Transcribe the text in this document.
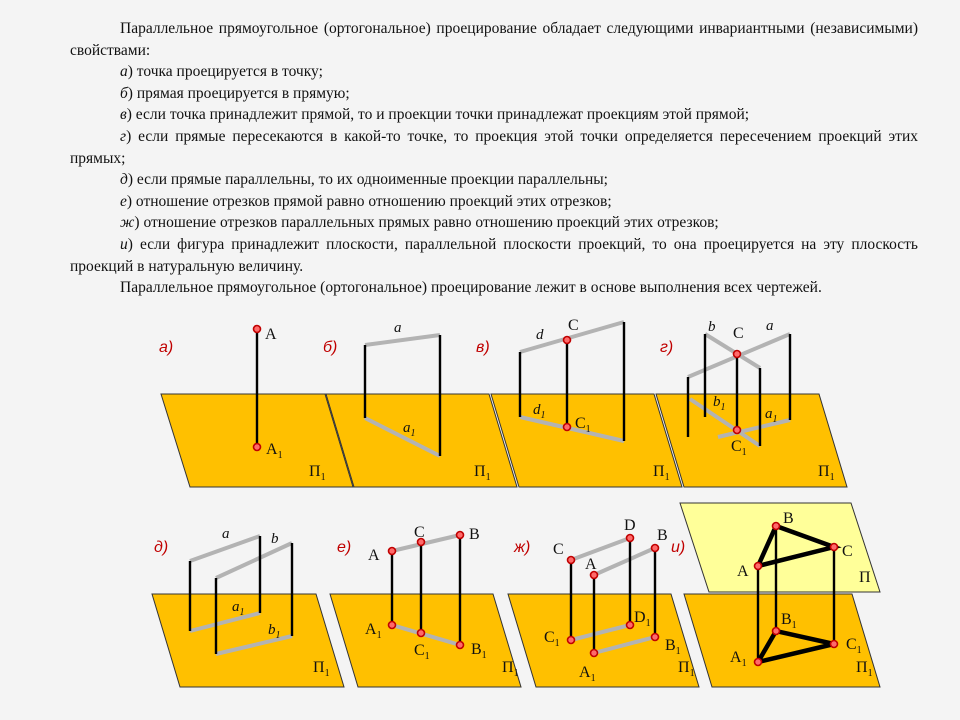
Параллельное прямоугольное (ортогональное) проецирование обладает следующими инвариантными (независимыми) свойствами:

а) точка проецируется в точку;

б) прямая проецируется в прямую;

в) если точка принадлежит прямой, то и проекции точки принадлежат проекциям этой прямой;

г) если прямые пересекаются в какой-то точке, то проекция этой точки определяется пересечением проекций этих прямых;

д) если прямые параллельны, то их одноименные проекции параллельны;

е) отношение отрезков прямой равно отношению проекций этих отрезков;

ж) отношение отрезков параллельных прямых равно отношению проекций этих отрезков;

и) если фигура принадлежит плоскости, параллельной плоскости проекций, то она проецируется на эту плоскость проекций в натуральную величину.

Параллельное прямоугольное (ортогональное) проецирование лежит в основе выполнения всех чертежей.

а)
A
$A_1$
$П_1$
б)
a
$a_1$
$П_1$
в)
d
C
$d_1$ $C_1$
$П_1$
г)
b C a
$b_1$	$a_1$
$C_1$
$П_1$
д)
a	b
$a_1$
$b_1$
$П_1$
е) A
C	B
$A_1$
$C_1$	$B_1$
$П_1$
ж) C
A
D
B
$C_1$
$A_1$
$D_1$
$B_1$
$П_1$
и)
A
B
C
П
$A_1$
$B_1$
$C_1$
$П_1$
